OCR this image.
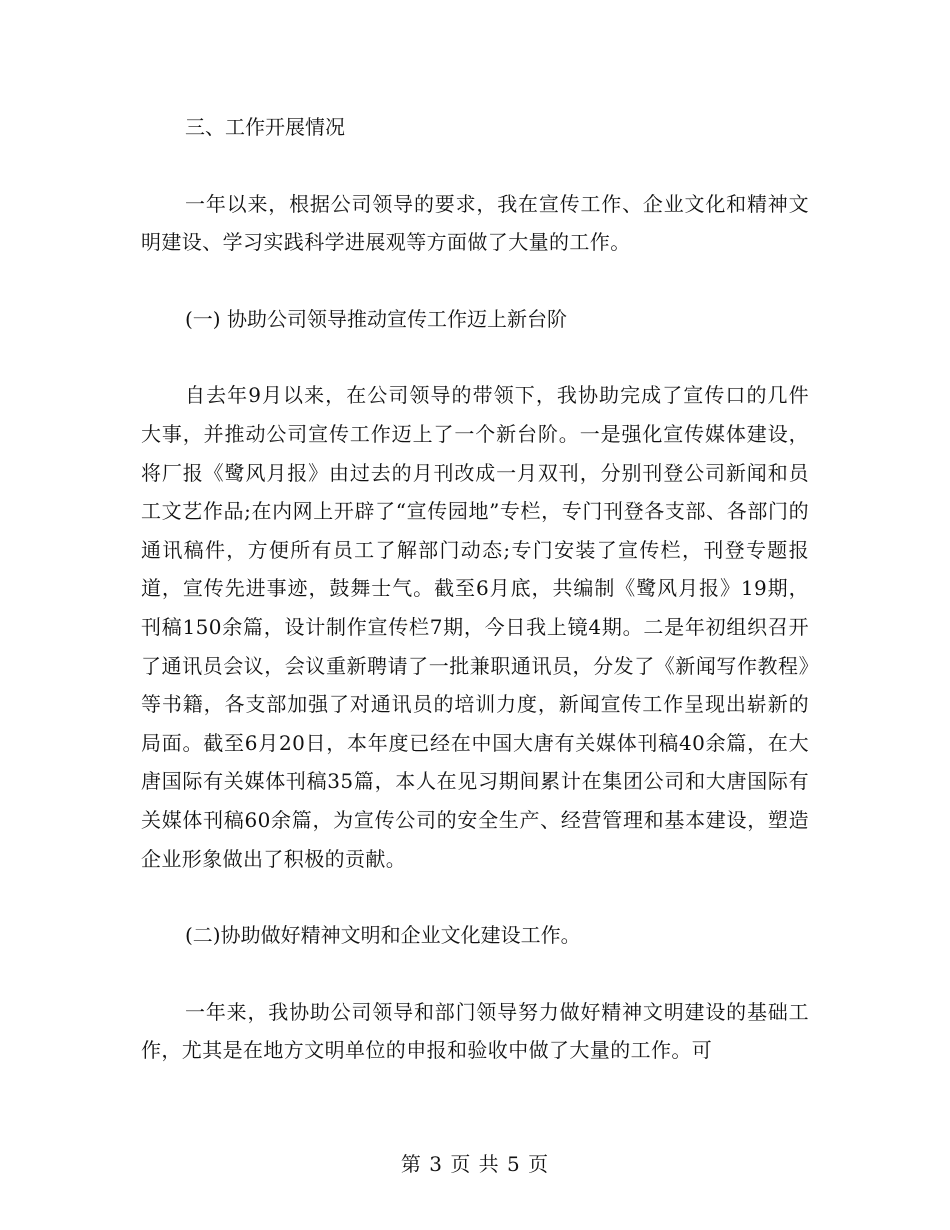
三、工作开展情况

一年以来，根据公司领导的要求，我在宣传工作、企业文化和精神文明建设、学习实践科学进展观等方面做了大量的工作。

(一) 协助公司领导推动宣传工作迈上新台阶

自去年9月以来，在公司领导的带领下，我协助完成了宣传口的几件大事，并推动公司宣传工作迈上了一个新台阶。一是强化宣传媒体建设，将厂报《鹭风月报》由过去的月刊改成一月双刊，分别刊登公司新闻和员工文艺作品;在内网上开辟了“宣传园地”专栏，专门刊登各支部、各部门的通讯稿件，方便所有员工了解部门动态;专门安装了宣传栏，刊登专题报道，宣传先进事迹，鼓舞士气。截至6月底，共编制《鹭风月报》19期，刊稿150余篇，设计制作宣传栏7期，今日我上镜4期。二是年初组织召开了通讯员会议，会议重新聘请了一批兼职通讯员，分发了《新闻写作教程》等书籍，各支部加强了对通讯员的培训力度，新闻宣传工作呈现出崭新的局面。截至6月20日，本年度已经在中国大唐有关媒体刊稿40余篇，在大唐国际有关媒体刊稿35篇，本人在见习期间累计在集团公司和大唐国际有关媒体刊稿60余篇，为宣传公司的安全生产、经营管理和基本建设，塑造企业形象做出了积极的贡献。

(二)协助做好精神文明和企业文化建设工作。

一年来，我协助公司领导和部门领导努力做好精神文明建设的基础工作，尤其是在地方文明单位的申报和验收中做了大量的工作。可

第 3 页 共 5 页
